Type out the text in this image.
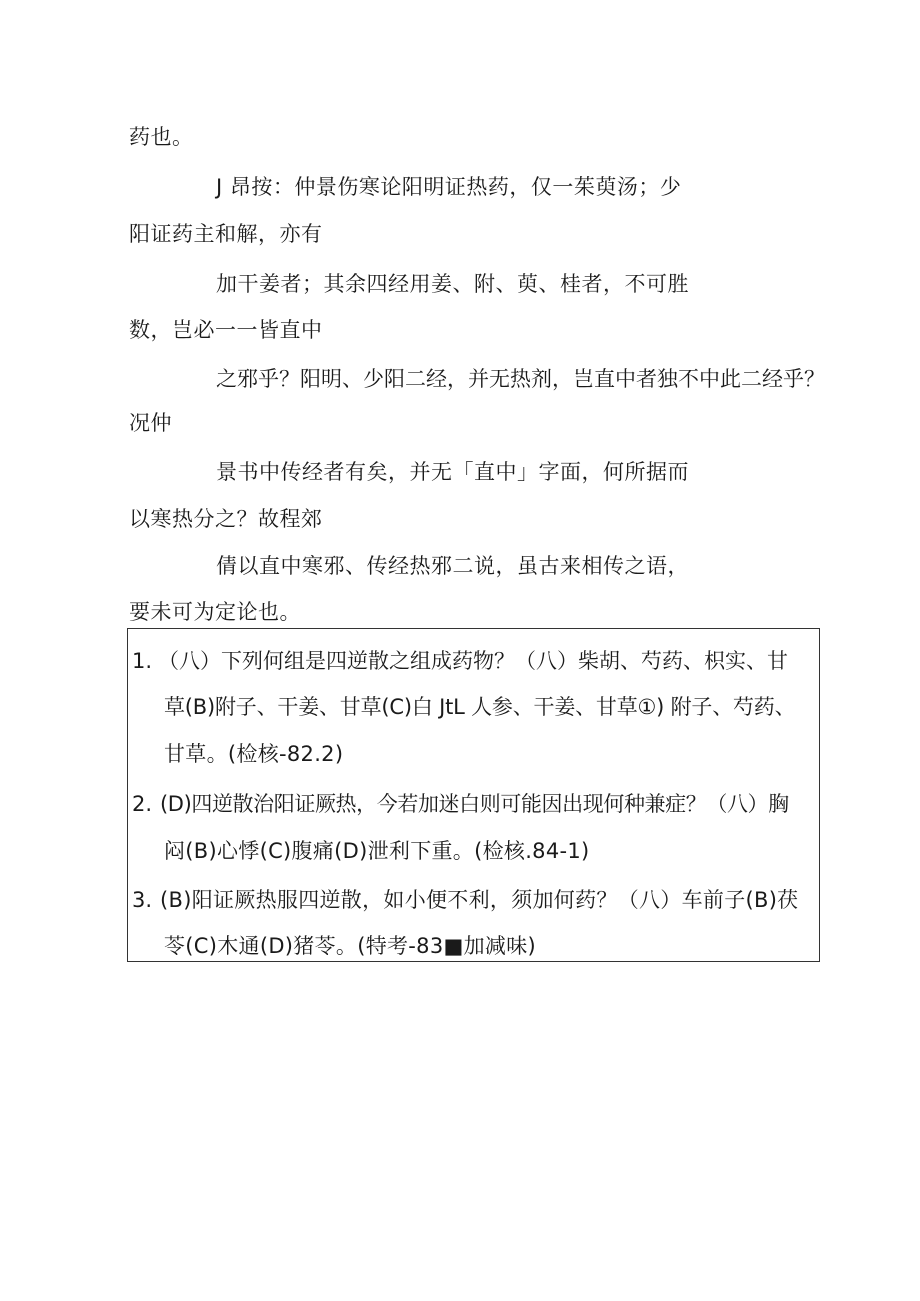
药也。
J 昂按：仲景伤寒论阳明证热药，仅一茱萸汤；少
阳证药主和解，亦有
加干姜者；其余四经用姜、附、萸、桂者，不可胜
数，岂必一一皆直中
之邪乎？阳明、少阳二经，并无热剂，岂直中者独不中此二经乎？
况仲
景书中传经者有矣，并无「直中」字面，何所据而
以寒热分之？故程郊
倩以直中寒邪、传经热邪二说，虽古来相传之语，
要未可为定论也。
1. （八）下列何组是四逆散之组成药物？（八）柴胡、芍药、枳实、甘
草(B)附子、干姜、甘草(C)白 JtL 人参、干姜、甘草①) 附子、芍药、
甘草。(检核-82.2)
2. (D)四逆散治阳证厥热，今若加迷白则可能因出现何种兼症？（八）胸
闷(B)心悸(C)腹痛(D)泄利下重。(检核.84-1)
3. (B)阳证厥热服四逆散，如小便不利，须加何药？（八）车前子(B)茯
苓(C)木通(D)猪苓。(特考-83■加减味)
